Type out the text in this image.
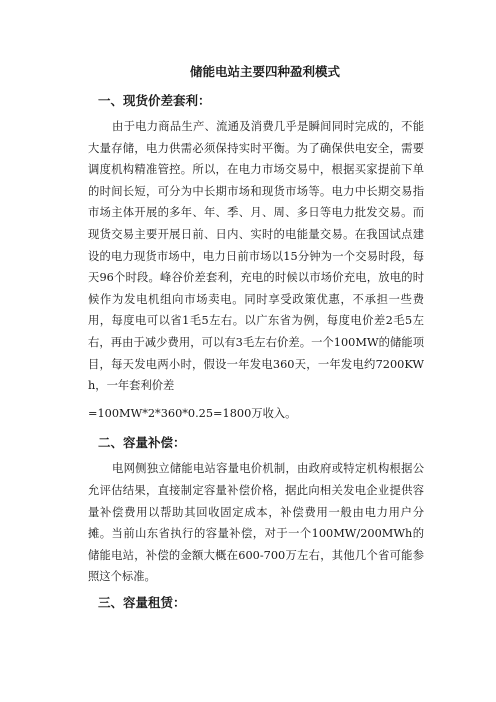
储能电站主要四种盈利模式
一、现货价差套利：

由于电力商品生产、流通及消费几乎是瞬间同时完成的，不能大量存储，电力供需必须保持实时平衡。为了确保供电安全，需要调度机构精准管控。所以，在电力市场交易中，根据买家提前下单的时间长短，可分为中长期市场和现货市场等。电力中长期交易指市场主体开展的多年、年、季、月、周、多日等电力批发交易。而现货交易主要开展日前、日内、实时的电能量交易。在我国试点建设的电力现货市场中，电力日前市场以15分钟为一个交易时段，每天96个时段。峰谷价差套利，充电的时候以市场价充电，放电的时候作为发电机组向市场卖电。同时享受政策优惠，不承担一些费用，每度电可以省1毛5左右。以广东省为例，每度电价差2毛5左右，再由于减少费用，可以有3毛左右价差。一个100MW的储能项目，每天发电两小时，假设一年发电360天，一年发电约7200KWh，一年套利价差

=100MW*2*360*0.25=1800万收入。

二、容量补偿：

电网侧独立储能电站容量电价机制，由政府或特定机构根据公允评估结果，直接制定容量补偿价格，据此向相关发电企业提供容量补偿费用以帮助其回收固定成本，补偿费用一般由电力用户分摊。当前山东省执行的容量补偿，对于一个100MW/200MWh的储能电站，补偿的金额大概在600-700万左右，其他几个省可能参照这个标准。

三、容量租赁：
